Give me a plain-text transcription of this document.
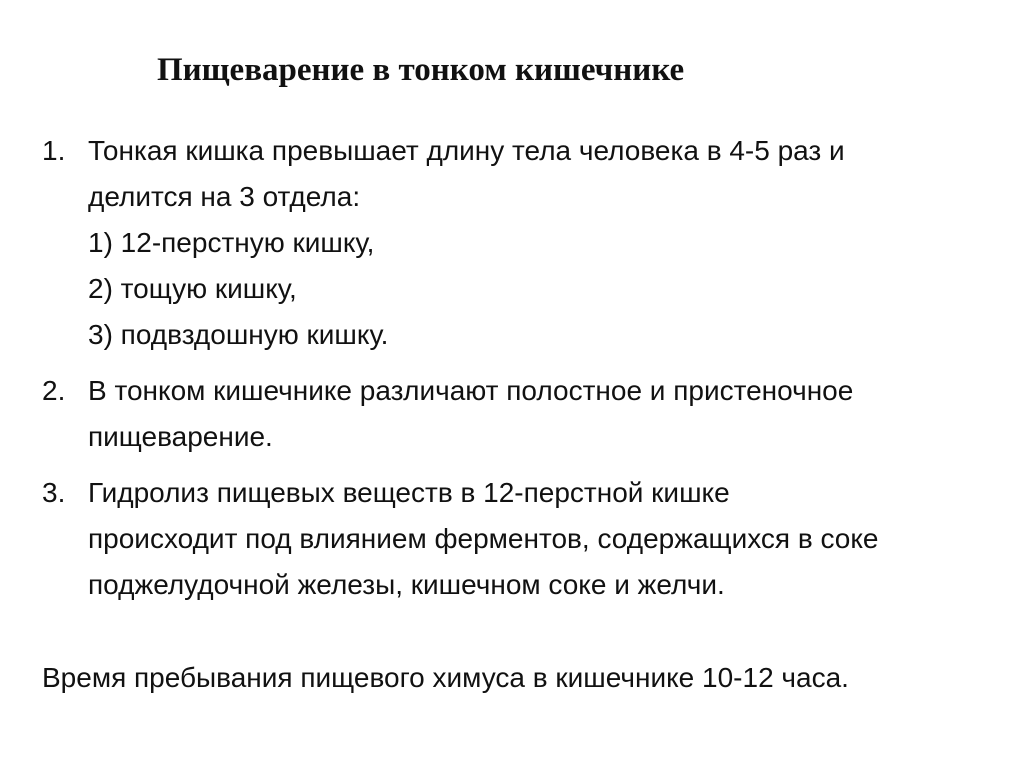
Пищеварение в тонком кишечнике
1. Тонкая кишка превышает длину тела человека в 4-5 раз и
делится на 3 отдела:
1) 12-перстную кишку,
2) тощую кишку,
3) подвздошную кишку.
2. В тонком кишечнике различают полостное и пристеночное
пищеварение.
3. Гидролиз пищевых веществ в 12-перстной кишке
происходит под влиянием ферментов, содержащихся в соке
поджелудочной железы, кишечном соке и желчи.
Время пребывания пищевого химуса в кишечнике 10-12 часа.
